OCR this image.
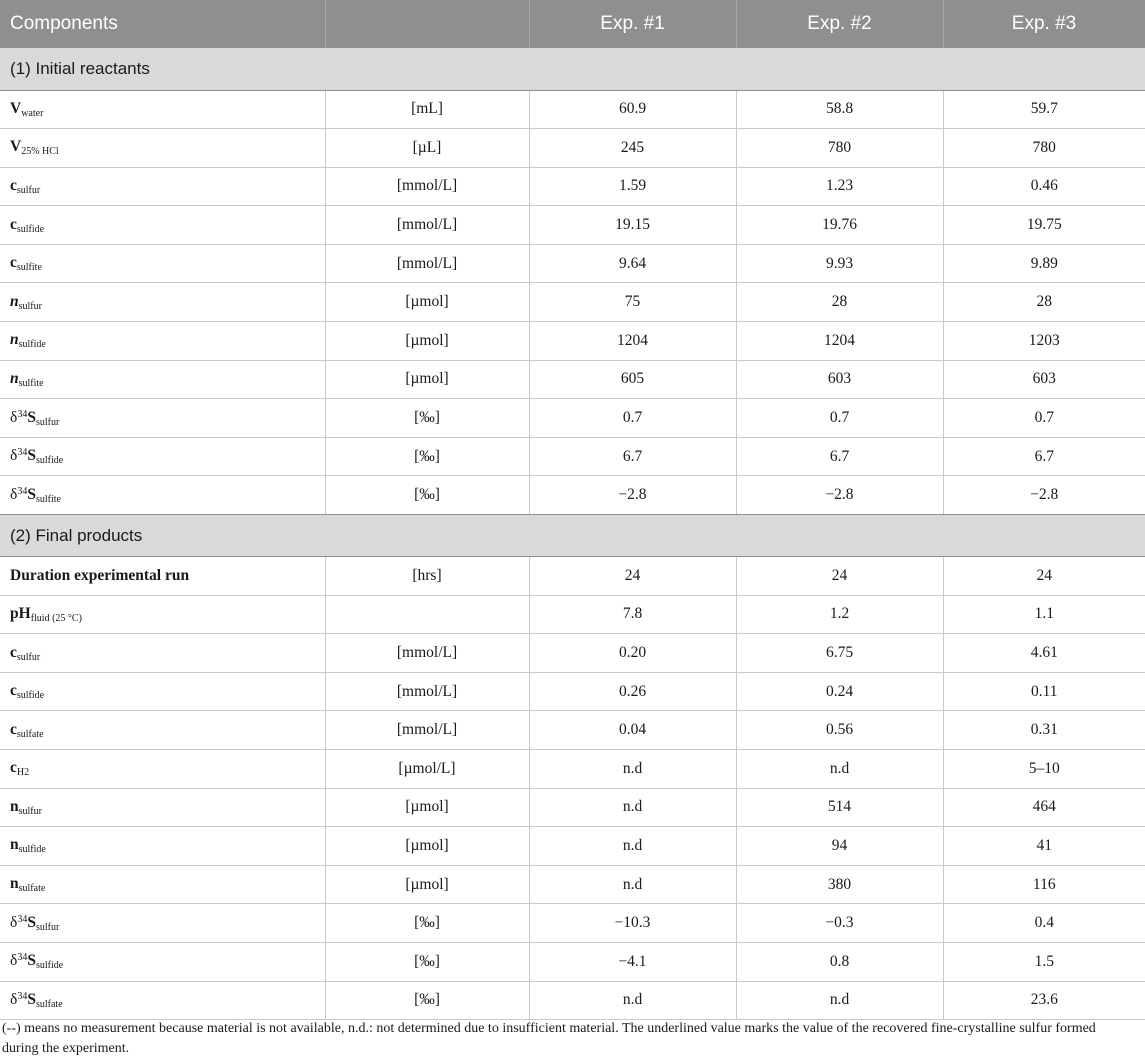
Components		Exp. #1	Exp. #2	Exp. #3
(1) Initial reactants				
$V_{water}$	[mL]	60.9	58.8	59.7
$V_{25\% HCl}$	[µL]	245	780	780
$c_{sulfur}$	[mmol/L]	1.59	1.23	0.46
$c_{sulfide}$	[mmol/L]	19.15	19.76	19.75
$c_{sulfite}$	[mmol/L]	9.64	9.93	9.89
$n_{sulfur}$	[µmol]	75	28	28
$n_{sulfide}$	[µmol]	1204	1204	1203
$n_{sulfite}$	[µmol]	605	603	603
$\delta^{34}S_{sulfur}$	[‰]	0.7	0.7	0.7
$\delta^{34}S_{sulfide}$	[‰]	6.7	6.7	6.7
$\delta^{34}S_{sulfite}$	[‰]	−2.8	−2.8	−2.8
(2) Final products				
Duration experimental run	[hrs]	24	24	24
$pH_{fluid (25 ^\circ C)}$		7.8	1.2	1.1
$c_{sulfur}$	[mmol/L]	0.20	6.75	4.61
$c_{sulfide}$	[mmol/L]	0.26	0.24	0.11
$c_{sulfate}$	[mmol/L]	0.04	0.56	0.31
$c_{H2}$	[µmol/L]	n.d	n.d	5–10
$n_{sulfur}$	[µmol]	n.d	514	464
$n_{sulfide}$	[µmol]	n.d	94	41
$n_{sulfate}$	[µmol]	n.d	380	116
$\delta^{34}S_{sulfur}$	[‰]	−10.3	−0.3	0.4
$\delta^{34}S_{sulfide}$	[‰]	−4.1	0.8	1.5
$\delta^{34}S_{sulfate}$	[‰]	n.d	n.d	23.6
(--) means no measurement because material is not available, n.d.: not determined due to insufficient material. The underlined value marks the value of the recovered fine-crystalline sulfur formed during the experiment.
